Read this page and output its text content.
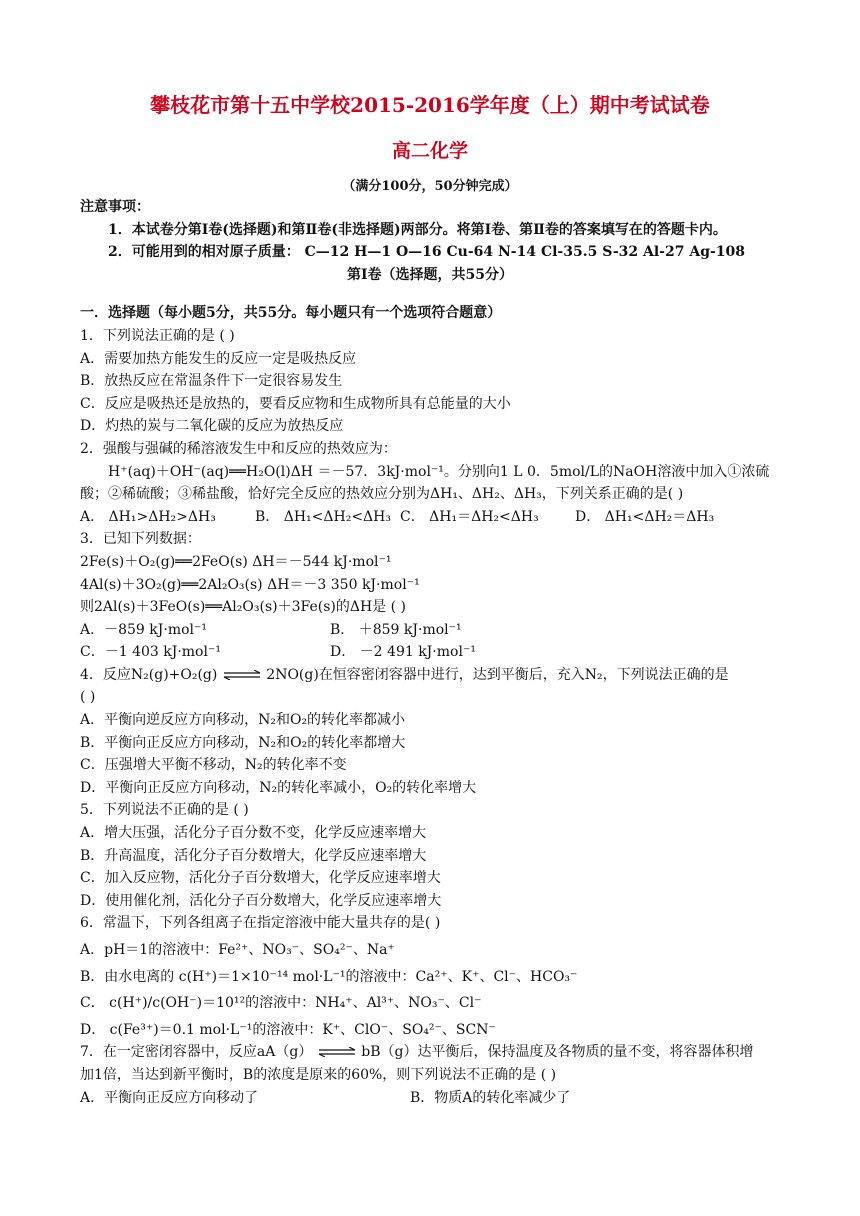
攀枝花市第十五中学校2015-2016学年度（上）期中考试试卷
高二化学
（满分100分，50分钟完成）
注意事项：
1．本试卷分第Ⅰ卷(选择题)和第Ⅱ卷(非选择题)两部分。将第Ⅰ卷、第Ⅱ卷的答案填写在的答题卡内。
2．可能用到的相对原子质量： C—12 H—1 O—16 Cu-64 N-14 Cl-35.5 S-32 Al-27 Ag-108
第Ⅰ卷（选择题，共55分）
一．选择题（每小题5分，共55分。每小题只有一个选项符合题意）
1．下列说法正确的是 ( )
A．需要加热方能发生的反应一定是吸热反应
B．放热反应在常温条件下一定很容易发生
C．反应是吸热还是放热的，要看反应物和生成物所具有总能量的大小
D．灼热的炭与二氧化碳的反应为放热反应
2．强酸与强碱的稀溶液发生中和反应的热效应为：
H⁺(aq)＋OH⁻(aq)══H₂O(l)ΔH ＝－57．3kJ·mol⁻¹。分别向1 L 0．5mol/L的NaOH溶液中加入①浓硫
酸；②稀硫酸；③稀盐酸，恰好完全反应的热效应分别为ΔH₁、ΔH₂、ΔH₃，下列关系正确的是( )
A． ΔH₁>ΔH₂>ΔH₃	B． ΔH₁<ΔH₂<ΔH₃ C． ΔH₁＝ΔH₂<ΔH₃	D． ΔH₁<ΔH₂＝ΔH₃
3．已知下列数据：
2Fe(s)＋O₂(g)══2FeO(s) ΔH＝－544 kJ·mol⁻¹
4Al(s)＋3O₂(g)══2Al₂O₃(s) ΔH＝－3 350 kJ·mol⁻¹
则2Al(s)＋3FeO(s)══Al₂O₃(s)＋3Fe(s)的ΔH是 ( )
A．－859 kJ·mol⁻¹	B． ＋859 kJ·mol⁻¹
C．－1 403 kJ·mol⁻¹	D． －2 491 kJ·mol⁻¹
4．反应N₂(g)+O₂(g) ⇌ 2NO(g)在恒容密闭容器中进行，达到平衡后，充入N₂，下列说法正确的是
( )
A．平衡向逆反应方向移动，N₂和O₂的转化率都减小
B．平衡向正反应方向移动，N₂和O₂的转化率都增大
C．压强增大平衡不移动，N₂的转化率不变
D．平衡向正反应方向移动，N₂的转化率减小，O₂的转化率增大
5．下列说法不正确的是 ( )
A．增大压强，活化分子百分数不变，化学反应速率增大
B．升高温度，活化分子百分数增大，化学反应速率增大
C．加入反应物，活化分子百分数增大，化学反应速率增大
D．使用催化剂，活化分子百分数增大，化学反应速率增大
6．常温下，下列各组离子在指定溶液中能大量共存的是( )
A．pH＝1的溶液中：Fe²⁺、NO₃⁻、SO₄²⁻、Na⁺
B．由水电离的 c(H⁺)＝1×10⁻¹⁴ mol·L⁻¹的溶液中：Ca²⁺、K⁺、Cl⁻、HCO₃⁻
C． c(H⁺)/c(OH⁻)＝10¹²的溶液中：NH₄⁺、Al³⁺、NO₃⁻、Cl⁻
D． c(Fe³⁺)＝0.1 mol·L⁻¹的溶液中：K⁺、ClO⁻、SO₄²⁻、SCN⁻
7．在一定密闭容器中，反应aA（g） ⇌ bB（g）达平衡后，保持温度及各物质的量不变，将容器体积增
加1倍，当达到新平衡时，B的浓度是原来的60%，则下列说法不正确的是 ( )
A．平衡向正反应方向移动了	B．物质A的转化率减少了
